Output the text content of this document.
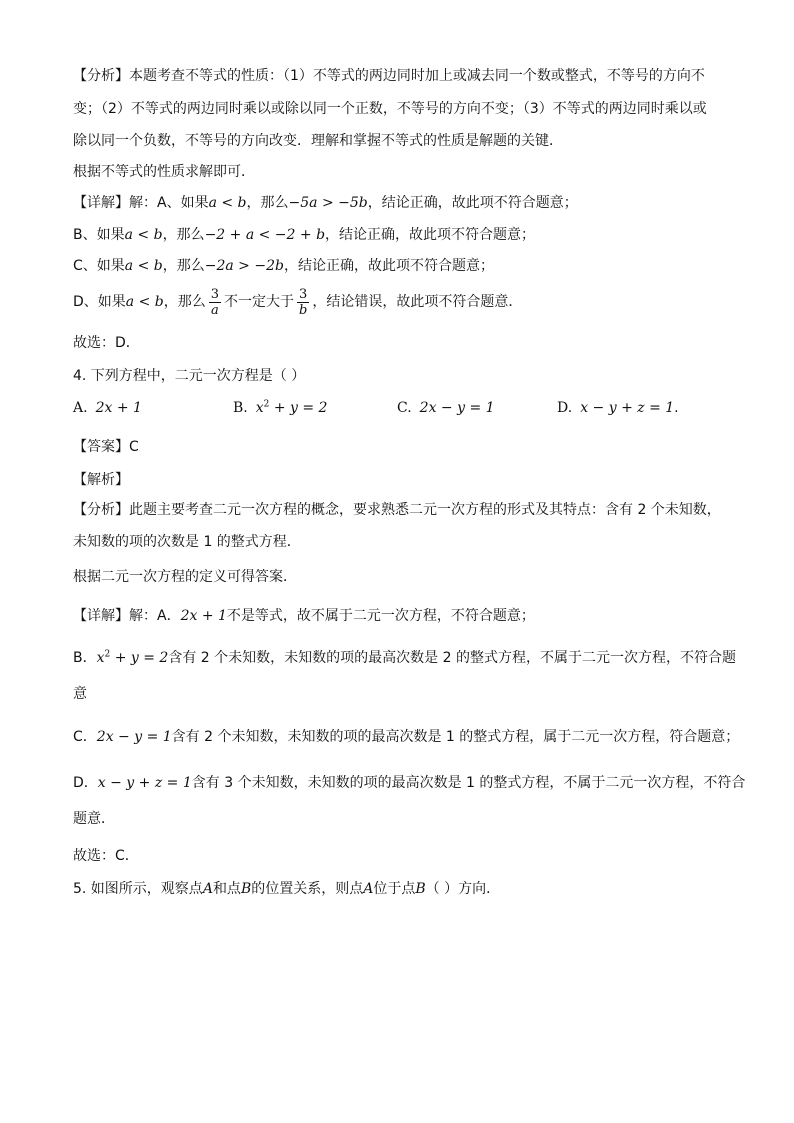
【分析】本题考查不等式的性质：（1）不等式的两边同时加上或减去同一个数或整式，不等号的方向不
变；（2）不等式的两边同时乘以或除以同一个正数，不等号的方向不变；（3）不等式的两边同时乘以或
除以同一个负数，不等号的方向改变．理解和掌握不等式的性质是解题的关键．
根据不等式的性质求解即可．
【详解】解：A、如果a < b，那么−5a > −5b，结论正确，故此项不符合题意；
B、如果a < b，那么−2 + a < −2 + b，结论正确，故此项不符合题意；
C、如果a < b，那么−2a > −2b，结论正确，故此项不符合题意；
D、如果a < b，那么 $\frac{3}{a}$ 不一定大于 $\frac{3}{b}$ ，结论错误，故此项不符合题意．
故选：D．
4. 下列方程中，二元一次方程是（ ）
A. 2x + 1	B. $x^2 + y = 2$	C. 2x − y = 1	D. x − y + z = 1.
【答案】C
【解析】
【分析】此题主要考查二元一次方程的概念，要求熟悉二元一次方程的形式及其特点：含有 2 个未知数，
未知数的项的次数是 1 的整式方程．
根据二元一次方程的定义可得答案．
【详解】解：A．2x + 1不是等式，故不属于二元一次方程，不符合题意；
B．$x^2 + y = 2$含有 2 个未知数，未知数的项的最高次数是 2 的整式方程，不属于二元一次方程，不符合题
意
C．2x − y = 1含有 2 个未知数，未知数的项的最高次数是 1 的整式方程，属于二元一次方程，符合题意；
D．x − y + z = 1含有 3 个未知数，未知数的项的最高次数是 1 的整式方程，不属于二元一次方程，不符合
题意．
故选：C．
5. 如图所示，观察点A和点B的位置关系，则点A位于点B（ ）方向．
